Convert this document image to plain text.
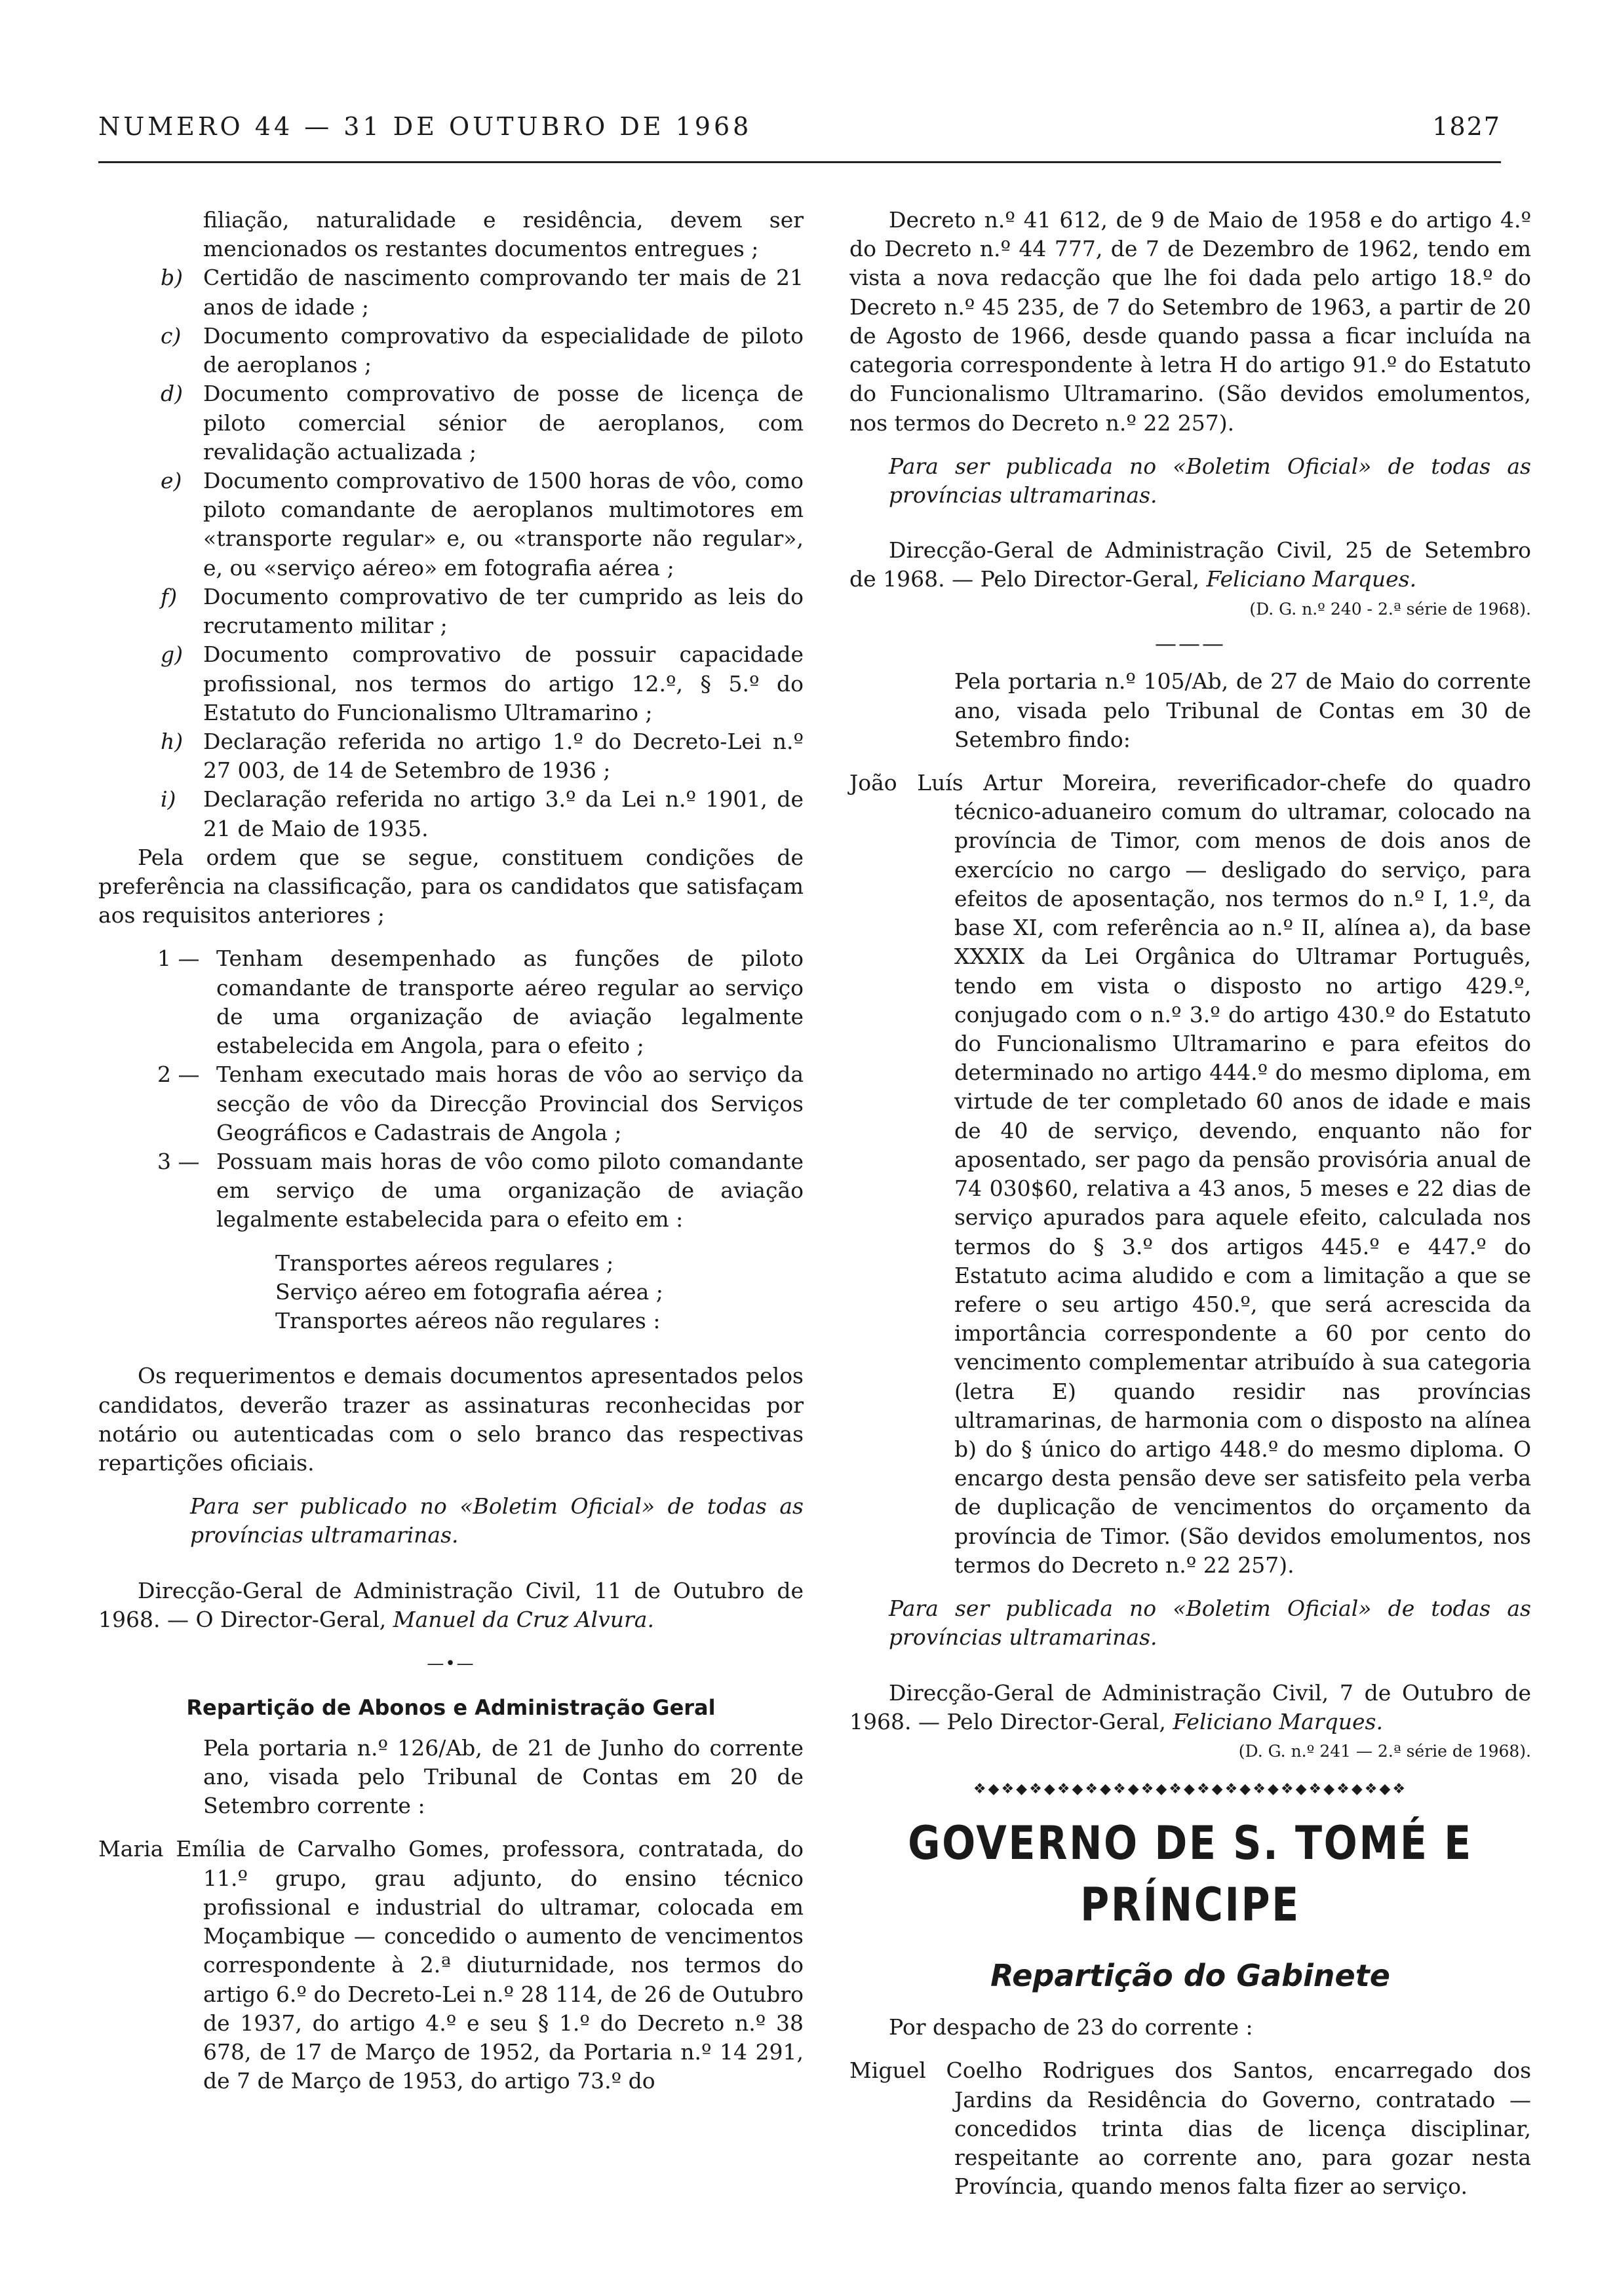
NUMERO 44 — 31 DE OUTUBRO DE 1968	1827

filiação, naturalidade e residência, devem ser mencionados os restantes documentos entregues ;

b) Certidão de nascimento comprovando ter mais de 21 anos de idade ;
c) Documento comprovativo da especialidade de piloto de aeroplanos ;
d) Documento comprovativo de posse de licença de piloto comercial sénior de aeroplanos, com revalidação actualizada ;
e) Documento comprovativo de 1500 horas de vôo, como piloto comandante de aeroplanos multimotores em «transporte regular» e, ou «transporte não regular», e, ou «serviço aéreo» em fotografia aérea ;
f) Documento comprovativo de ter cumprido as leis do recrutamento militar ;
g) Documento comprovativo de possuir capacidade profissional, nos termos do artigo 12.º, § 5.º do Estatuto do Funcionalismo Ultramarino ;
h) Declaração referida no artigo 1.º do Decreto-Lei n.º 27 003, de 14 de Setembro de 1936 ;
i) Declaração referida no artigo 3.º da Lei n.º 1901, de 21 de Maio de 1935.

Pela ordem que se segue, constituem condições de preferência na classificação, para os candidatos que satisfaçam aos requisitos anteriores ;

1 — Tenham desempenhado as funções de piloto comandante de transporte aéreo regular ao serviço de uma organização de aviação legalmente estabelecida em Angola, para o efeito ;
2 — Tenham executado mais horas de vôo ao serviço da secção de vôo da Direcção Provincial dos Serviços Geográficos e Cadastrais de Angola ;
3 — Possuam mais horas de vôo como piloto comandante em serviço de uma organização de aviação legalmente estabelecida para o efeito em :

Transportes aéreos regulares ;

Serviço aéreo em fotografia aérea ;

Transportes aéreos não regulares :

Os requerimentos e demais documentos apresentados pelos candidatos, deverão trazer as assinaturas reconhecidas por notário ou autenticadas com o selo branco das respectivas repartições oficiais.

Para ser publicado no «Boletim Oficial» de todas as províncias ultramarinas.

Direcção-Geral de Administração Civil, 11 de Outubro de 1968. — O Director-Geral, Manuel da Cruz Alvura.

—•—

Repartição de Abonos e Administração Geral

Pela portaria n.º 126/Ab, de 21 de Junho do corrente ano, visada pelo Tribunal de Contas em 20 de Setembro corrente :

Maria Emília de Carvalho Gomes, professora, contratada, do 11.º grupo, grau adjunto, do ensino técnico profissional e industrial do ultramar, colocada em Moçambique — concedido o aumento de vencimentos correspondente à 2.ª diuturnidade, nos termos do artigo 6.º do Decreto-Lei n.º 28 114, de 26 de Outubro de 1937, do artigo 4.º e seu § 1.º do Decreto n.º 38 678, de 17 de Março de 1952, da Portaria n.º 14 291, de 7 de Março de 1953, do artigo 73.º do

Decreto n.º 41 612, de 9 de Maio de 1958 e do artigo 4.º do Decreto n.º 44 777, de 7 de Dezembro de 1962, tendo em vista a nova redacção que lhe foi dada pelo artigo 18.º do Decreto n.º 45 235, de 7 do Setembro de 1963, a partir de 20 de Agosto de 1966, desde quando passa a ficar incluída na categoria correspondente à letra H do artigo 91.º do Estatuto do Funcionalismo Ultramarino. (São devidos emolumentos, nos termos do Decreto n.º 22 257).

Para ser publicada no «Boletim Oficial» de todas as províncias ultramarinas.

Direcção-Geral de Administração Civil, 25 de Setembro de 1968. — Pelo Director-Geral, Feliciano Marques.

(D. G. n.º 240 - 2.ª série de 1968).

———

Pela portaria n.º 105/Ab, de 27 de Maio do corrente ano, visada pelo Tribunal de Contas em 30 de Setembro findo:

João Luís Artur Moreira, reverificador-chefe do quadro técnico-aduaneiro comum do ultramar, colocado na província de Timor, com menos de dois anos de exercício no cargo — desligado do serviço, para efeitos de aposentação, nos termos do n.º I, 1.º, da base XI, com referência ao n.º II, alínea a), da base XXXIX da Lei Orgânica do Ultramar Português, tendo em vista o disposto no artigo 429.º, conjugado com o n.º 3.º do artigo 430.º do Estatuto do Funcionalismo Ultramarino e para efeitos do determinado no artigo 444.º do mesmo diploma, em virtude de ter completado 60 anos de idade e mais de 40 de serviço, devendo, enquanto não for aposentado, ser pago da pensão provisória anual de 74 030$60, relativa a 43 anos, 5 meses e 22 dias de serviço apurados para aquele efeito, calculada nos termos do § 3.º dos artigos 445.º e 447.º do Estatuto acima aludido e com a limitação a que se refere o seu artigo 450.º, que será acrescida da importância correspondente a 60 por cento do vencimento complementar atribuído à sua categoria (letra E) quando residir nas províncias ultramarinas, de harmonia com o disposto na alínea b) do § único do artigo 448.º do mesmo diploma. O encargo desta pensão deve ser satisfeito pela verba de duplicação de vencimentos do orçamento da província de Timor. (São devidos emolumentos, nos termos do Decreto n.º 22 257).

Para ser publicada no «Boletim Oficial» de todas as províncias ultramarinas.

Direcção-Geral de Administração Civil, 7 de Outubro de 1968. — Pelo Director-Geral, Feliciano Marques.

(D. G. n.º 241 — 2.ª série de 1968).

❖◆❖◆❖◆❖◆❖◆❖◆❖◆❖◆❖◆❖◆❖◆❖◆❖◆❖◆❖◆❖

GOVERNO DE S. TOMÉ E PRÍNCIPE

Repartição do Gabinete

Por despacho de 23 do corrente :

Miguel Coelho Rodrigues dos Santos, encarregado dos Jardins da Residência do Governo, contratado — concedidos trinta dias de licença disciplinar, respeitante ao corrente ano, para gozar nesta Província, quando menos falta fizer ao serviço.
